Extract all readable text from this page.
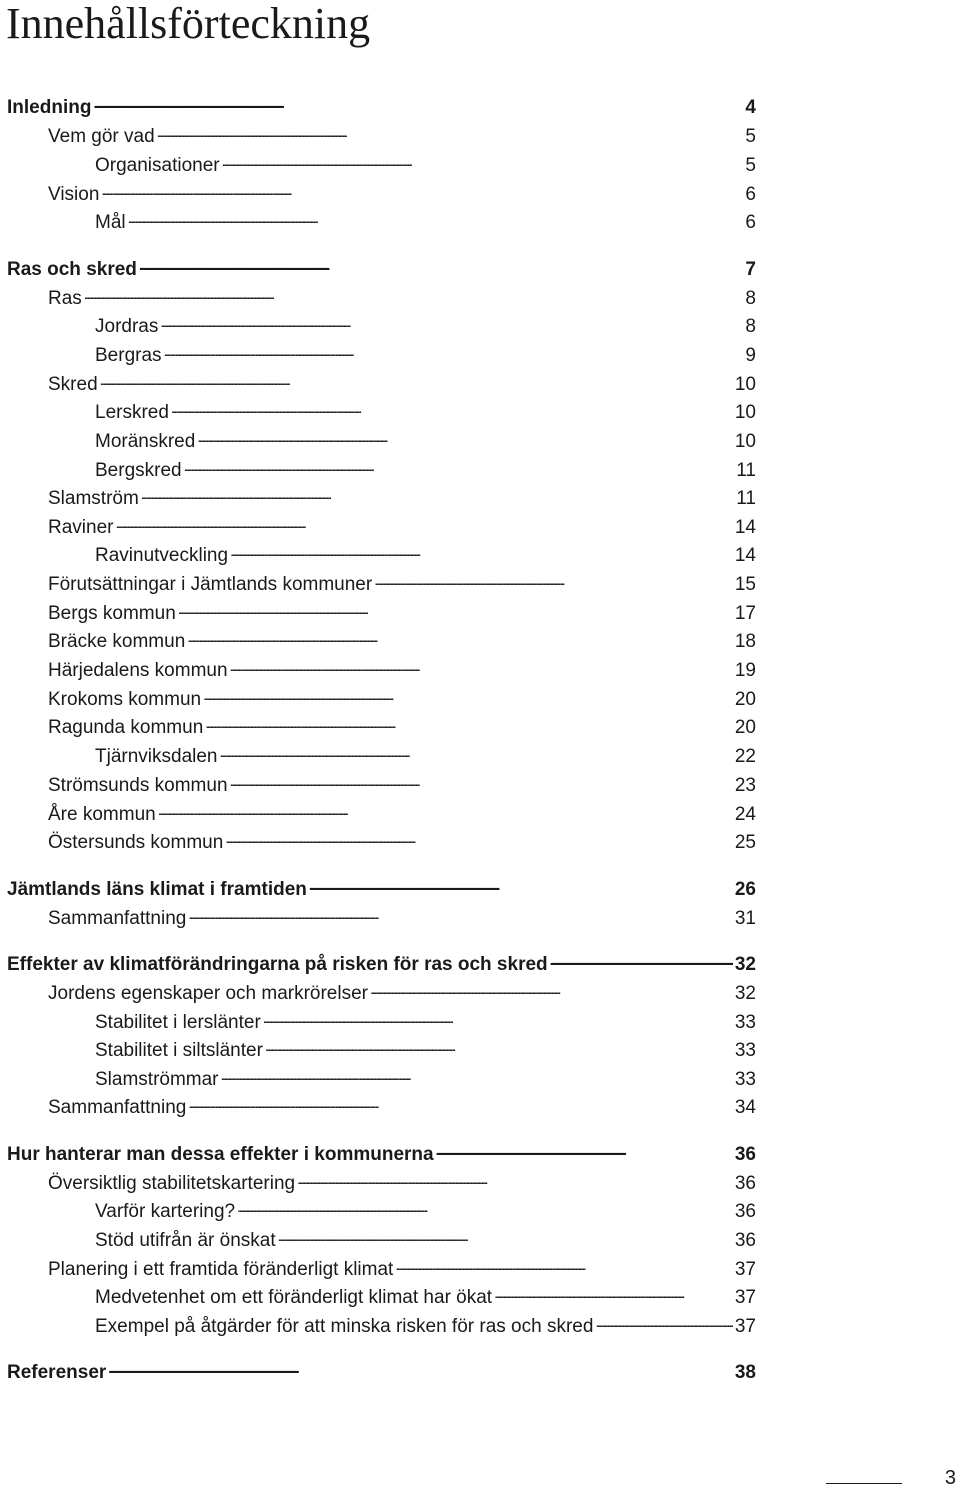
Innehållsförteckning
Inledning . . .	4
Vem gör vad . . .	5
Organisationer . . .	5
Vision . . .	6
Mål . . .	6
Ras och skred . . .	7
Ras . . .	8
Jordras . . .	8
Bergras . . .	9
Skred . . .	10
Lerskred . . .	10
Moränskred . . .	10
Bergskred . . .	11
Slamström . . .	11
Raviner . . .	14
Ravinutveckling . . .	14
Förutsättningar i Jämtlands kommuner . . .	15
Bergs kommun . . .	17
Bräcke kommun . . .	18
Härjedalens kommun . . .	19
Krokoms kommun . . .	20
Ragunda kommun . . .	20
Tjärnviksdalen . . .	22
Strömsunds kommun . . .	23
Åre kommun . . .	24
Östersunds kommun . . .	25
Jämtlands läns klimat i framtiden . . .	26
Sammanfattning . . .	31
Effekter av klimatförändringarna på risken för ras och skred . . .	32
Jordens egenskaper och markrörelser . . .	32
Stabilitet i lerslänter . . .	33
Stabilitet i siltslänter . . .	33
Slamströmmar . . .	33
Sammanfattning . . .	34
Hur hanterar man dessa effekter i kommunerna . . .	36
Översiktlig stabilitetskartering . . .	36
Varför kartering? . . .	36
Stöd utifrån är önskat . . .	36
Planering i ett framtida föränderligt klimat . . .	37
Medvetenhet om ett föränderligt klimat har ökat . . .	37
Exempel på åtgärder för att minska risken för ras och skred . . .	37
Referenser . . .	38
3
